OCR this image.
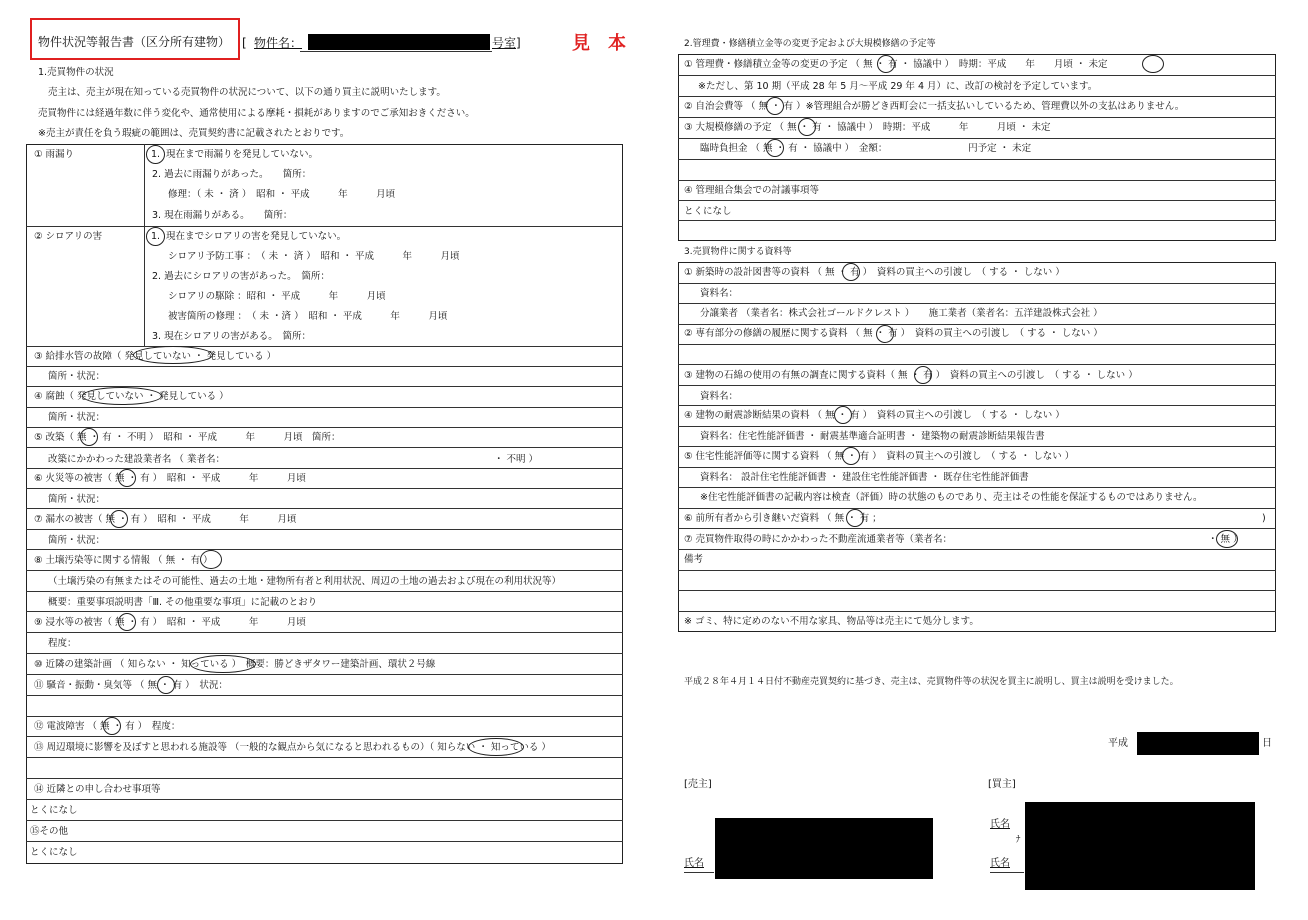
物件状況等報告書（区分所有建物） [ 物件名：	号室]	見　本
1.売買物件の状況
売主は、売主が現在知っている売買物件の状況について、以下の通り買主に説明いたします。
売買物件には経過年数に伴う変化や、通常使用による摩耗・損耗がありますのでご承知おきください。
※売主が責任を負う瑕疵の範囲は、売買契約書に記載されたとおりです。
① 雨漏り	1. 現在まで雨漏りを発見していない。
2. 過去に雨漏りがあった。　　箇所：
修理：（ 未 ・ 済 ）　昭和 ・ 平成　　　年　　　月頃
3. 現在雨漏りがある。　　箇所：
② シロアリの害	1. 現在までシロアリの害を発見していない。
シロアリ予防工事 ：　（ 未 ・ 済 ）　昭和 ・ 平成　　　年　　　月頃
2. 過去にシロアリの害があった。　箇所：
シロアリの駆除 ：昭和 ・ 平成　　　年　　　月頃
被害箇所の修理 ：　（ 未 ・済 ）　昭和 ・ 平成　　　年　　　月頃
3. 現在シロアリの害がある。　箇所：
③ 給排水管の故障（ 発見していない ・ 発見している ）
箇所・状況：
④ 腐蝕（ 発見していない ・ 発見している ）
箇所・状況：
⑤ 改築（ 無 ・ 有 ・ 不明 ）　昭和 ・ 平成　　　年　　　月頃　箇所：
改築にかかわった建設業者名 （ 業者名：	・ 不明 ）
⑥ 火災等の被害（ 無 ・ 有 ）　昭和 ・ 平成　　　年　　　月頃
箇所・状況：
⑦ 漏水の被害（ 無 ・ 有 ）　昭和 ・ 平成　　　年　　　月頃
箇所・状況：
⑧ 土壌汚染等に関する情報 （ 無 ・ 有 ）
（土壌汚染の有無またはその可能性、過去の土地・建物所有者と利用状況、周辺の土地の過去および現在の利用状況等）
概要：重要事項説明書「Ⅲ. その他重要な事項」に記載のとおり
⑨ 浸水等の被害（ 無 ・ 有 ）　昭和 ・ 平成　　　年　　　月頃
程度：
⑩ 近隣の建築計画 （ 知らない ・ 知っている ）　概要：勝どきザタワー建築計画、環状２号線
⑪ 騒音・振動・臭気等 （ 無 ・ 有 ）　状況：
⑫ 電波障害 （ 無 ・ 有 ）　程度：
⑬ 周辺環境に影響を及ぼすと思われる施設等 （一般的な観点から気になると思われるもの）（ 知らない ・ 知っている ）
⑭ 近隣との申し合わせ事項等
とくになし
⑮その他
とくになし
2.管理費・修繕積立金等の変更予定および大規模修繕の予定等
① 管理費・修繕積立金等の変更の予定 （ 無 ・ 有 ・ 協議中 ）　時期：平成　　年　　月頃 ・ 未定
※ただし、第 10 期（平成 28 年 5 月～平成 29 年 4 月）に、改訂の検討を予定しています。
② 自治会費等 （ 無 ・ 有 ）※管理組合が勝どき西町会に一括支払いしているため、管理費以外の支払はありません。
③ 大規模修繕の予定 （ 無 ・ 有 ・ 協議中 ）　時期：平成　　　年　　　月頃 ・ 未定
臨時負担金 （ 無 ・ 有 ・ 協議中 ）　金額：　　　　　　　　　円予定 ・ 未定
④ 管理組合集会での討議事項等
とくになし
3.売買物件に関する資料等
① 新築時の設計図書等の資料 （ 無 ・ 有 ）　資料の買主への引渡し　（ する ・ しない ）
資料名：
分譲業者 （業者名：株式会社ゴールドクレスト ）　　施工業者（業者名：五洋建設株式会社 ）
② 専有部分の修繕の履歴に関する資料 （ 無 ・ 有 ）　資料の買主への引渡し　（ する ・ しない ）
③ 建物の石綿の使用の有無の調査に関する資料（ 無 ・ 有 ）　資料の買主への引渡し　（ する ・ しない ）
資料名：
④ 建物の耐震診断結果の資料 （ 無 ・ 有 ）　資料の買主への引渡し　（ する ・ しない ）
資料名：住宅性能評価書 ・ 耐震基準適合証明書 ・ 建築物の耐震診断結果報告書
⑤ 住宅性能評価等に関する資料 （ 無 ・ 有 ）　資料の買主への引渡し　（ する ・ しない ）
資料名： 設計住宅性能評価書 ・ 建設住宅性能評価書 ・ 既存住宅性能評価書
※住宅性能評価書の記載内容は検査（評価）時の状態のものであり、売主はその性能を保証するものではありません。
⑥ 前所有者から引き継いだ資料 （ 無 ・ 有 ；	)
⑦ 売買物件取得の時にかかわった不動産流通業者等（業者名：	・ 無 ）
備考
※ ゴミ、特に定めのない不用な家具、物品等は売主にて処分します。
平成２８年４月１４日付不動産売買契約に基づき、売主は、売買物件等の状況を買主に説明し、買主は説明を受けました。
平成	日
[売主]	[買主]
氏名
氏名
ﾅ
氏名
